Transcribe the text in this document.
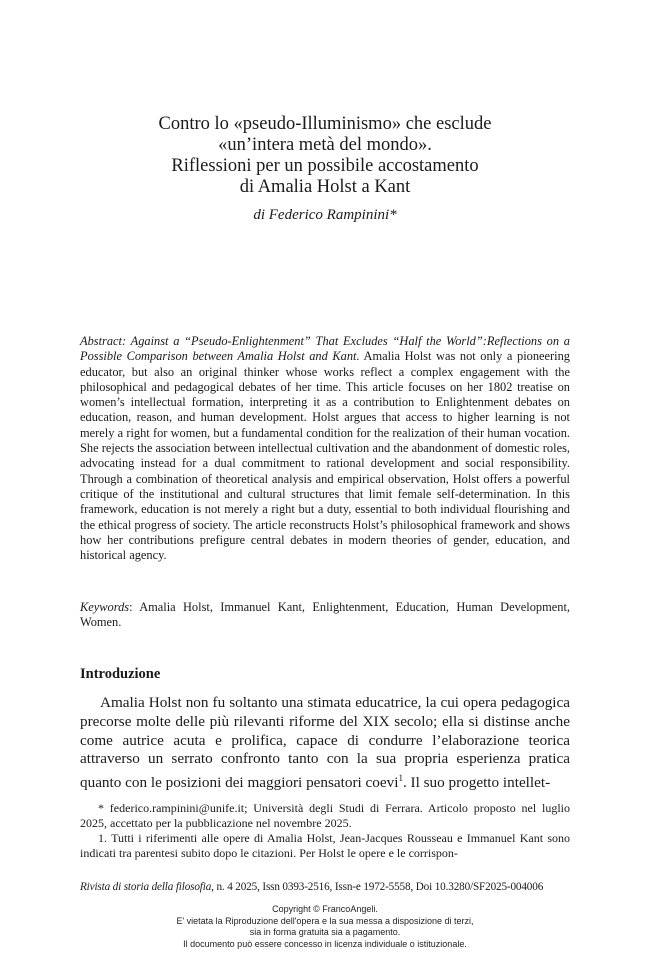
Contro lo «pseudo-Illuminismo» che esclude
«un’intera metà del mondo».
Riflessioni per un possibile accostamento
di Amalia Holst a Kant

di Federico Rampinini*

Abstract: Against a “Pseudo-Enlightenment” That Excludes “Half the World”:Reflections on a Possible Comparison between Amalia Holst and Kant. Amalia Holst was not only a pioneering educator, but also an original thinker whose works reflect a complex engagement with the philosophical and pedagogical debates of her time. This article focuses on her 1802 treatise on women’s intellectual formation, interpreting it as a contribution to Enlightenment debates on education, reason, and human development. Holst argues that access to higher learning is not merely a right for women, but a fundamental condition for the realization of their human vocation. She rejects the association between intellectual cultivation and the abandonment of domestic roles, advocating instead for a dual commitment to rational development and social responsibility. Through a combination of theoretical analysis and empirical observation, Holst offers a powerful critique of the institutional and cultural structures that limit female self-determination. In this framework, education is not merely a right but a duty, essential to both individual flourishing and the ethical progress of society. The article reconstructs Holst’s philosophical framework and shows how her contributions prefigure central debates in modern theories of gender, education, and historical agency.

Keywords: Amalia Holst, Immanuel Kant, Enlightenment, Education, Human Development, Women.

Introduzione

Amalia Holst non fu soltanto una stimata educatrice, la cui opera pedagogica precorse molte delle più rilevanti riforme del XIX secolo; ella si distinse anche come autrice acuta e prolifica, capace di condurre l’elaborazione teorica attraverso un serrato confronto tanto con la sua propria esperienza pratica quanto con le posizioni dei maggiori pensatori coevi$^1$. Il suo progetto intellet-

* federico.rampinini@unife.it; Università degli Studi di Ferrara. Articolo proposto nel luglio 2025, accettato per la pubblicazione nel novembre 2025.

1. Tutti i riferimenti alle opere di Amalia Holst, Jean-Jacques Rousseau e Immanuel Kant sono indicati tra parentesi subito dopo le citazioni. Per Holst le opere e le corrispon-

Rivista di storia della filosofia, n. 4 2025, Issn 0393-2516, Issn-e 1972-5558, Doi 10.3280/SF2025-004006

Copyright © FrancoAngeli.
E’ vietata la Riproduzione dell'opera e la sua messa a disposizione di terzi,
sia in forma gratuita sia a pagamento.
Il documento può essere concesso in licenza individuale o istituzionale.
